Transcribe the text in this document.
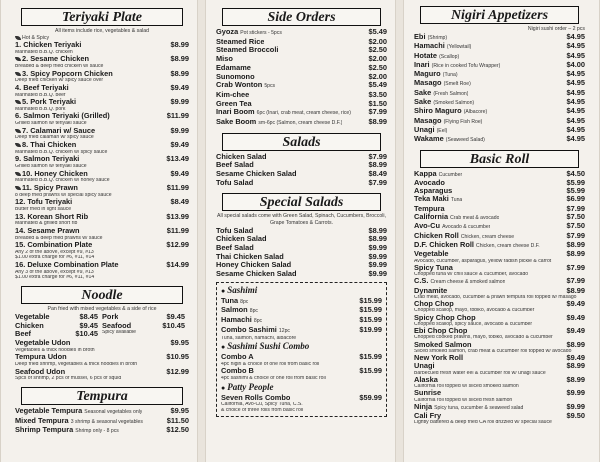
Teriyaki Plate
All items include rice, vegetables & salad
Hot & Spicy
1. Chicken Teriyaki	$8.99
Marinated B.B.Q. chicken
2. Sesame Chicken	$8.99
Breaded & deep fried chicken w/ sauce
3. Spicy Popcorn Chicken	$8.99
Deep fried chicken w/ spicy sauce over
4. Beef Teriyaki	$9.49
Marinated B.B.Q. beef
5. Pork Teriyaki	$9.99
Marinated B.B.Q. pork
6. Salmon Teriyaki (Grilled)	$11.99
Grilled salmon w/ teriyaki sauce
7. Calamari w/ Sauce	$9.99
Deep fried calamari w/ spicy sauce
8. Thai Chicken	$9.49
Marinated B.B.Q. chicken w/ spicy sauce
9. Salmon Teriyaki	$13.49
Grilled salmon w/ teriyaki sauce
10. Honey Chicken	$9.49
Marinated B.B.Q. chicken w/ honey sauce
11. Spicy Prawn	$11.99
8 deep fried prawns w/ special spicy sauce
12. Tofu Teriyaki	$8.49
Butter fried in light sauce
13. Korean Short Rib	$13.99
Marinated & grilled short rib
14. Sesame Prawn	$11.99
Breaded & deep fried prawns w/ sauce
15. Combination Plate	$12.99
Any 2 of the above, except #9, #13
$1.00 extra charge for #6, #11, #14
16. Deluxe Combination Plate	$14.99
Any 3 of the above, except #9, #13
$1.00 extra charge for #6, #11, #14
Noodle
Pan fried with mixed vegetables & a side of rice
Vegetable	$8.45 Pork	$9.45
Chicken	$9.45 Seafood	$10.45
Beef	$10.45 Spicy available
Vegetable Udon	$9.95
Vegetables & thick noodles in broth
Tempura Udon	$10.95
Deep fried shrimp, vegetables & thick noodles in broth
Seafood Udon	$12.99
Spcs of shrimp, 2 pcs of mussel, 6 pcs of squid
Tempura
Vegetable Tempura Seasonal vegetables only	$9.95
Mixed Tempura 3 shrimp & seasonal vegetables	$11.50
Shrimp Tempura Shrimp only - 8 pcs	$12.50
Side Orders
Gyoza Pot stickers - 5pcs	$5.49
Steamed Rice	$2.00
Steamed Broccoli	$2.50
Miso	$2.00
Edamame	$2.50
Sunomono	$2.00
Crab Wonton 5pcs	$5.49
Kim-chee	$3.50
Green Tea	$1.50
Inari Boom 6pc (Inari, crab meat, cream cheese, rice) $7.99
Sake Boom sm-6pc (Salmon, cream cheese D.F.)	$8.99
Salads
Chicken Salad	$7.99
Beef Salad	$8.99
Sesame Chicken Salad	$8.49
Tofu Salad	$7.99
Special Salads
All special salads come with Green Salad, Spinach, Cucumbers, Broccoli, Grape Tomatoes & Carrots.
Tofu Salad	$8.99
Chicken Salad	$8.99
Beef Salad	$9.99
Thai Chicken Salad	$9.99
Honey Chicken Salad	$9.99
Sesame Chicken Salad	$9.99
● Sashimi
Tuna 8pc	$15.99
Salmon 8pc	$15.99
Hamachi 8pc	$15.99
Combo Sashimi 12pc	$19.99
Tuna, salmon, hamachi, albacore
● Sashimi Sushi Combo
Combo A	$15.99
4pc nigiri & choice of one roll from basic roll
Combo B	$15.99
4pc sashimi & choice of one roll from basic roll
● Patty People
Seven Rolls Combo	$59.99
California, Avo-Cu, Spicy Tuna, C.S.
& choice of three rolls from basic roll
Nigiri Appetizers
Nigiri sushi order – 2 pcs
Ebi (Shrimp)	$4.95
Hamachi (Yellowtail)	$4.95
Hotate (Scallop)	$4.95
Inari (Rice in cooked Tofu Wrapper)	$4.00
Maguro (Tuna)	$4.95
Masago (Smelt Roe)	$4.95
Sake (Fresh Salmon)	$4.95
Sake (Smoked Salmon)	$4.95
Shiro Maguro (Albacore)	$4.95
Masago (Flying Fish Roe)	$4.95
Unagi (Eel)	$4.95
Wakame (Seaweed Salad)	$4.95
Basic Roll
Kappa Cucumber	$4.50
Avocado	$5.99
Asparagus	$5.99
Teka Maki Tuna	$6.99
Tempura	$7.99
California Crab meat & avocado	$7.50
Avo-Cu Avocado & cucumber	$7.50
Chicken Roll Chicken, cream cheese	$7.99
D.F. Chicken Roll Chicken, cream cheese D.F.	$8.99
Vegetable	$8.99
Avocado, cucumber, asparagus, yellow radish pickle & carrot
Spicy Tuna	$7.99
Chopped tuna w/ chili sauce & cucumber, avocado
C.S. Cream cheese & smoked salmon	$7.99
Dynamite	$8.99
Crab meat, avocado, cucumber & prawn tempura roll topped w/ masago
Chop Chop	$9.49
Chopped scallop, mayo, tobiko, avocado & cucumber
Spicy Chop Chop	$9.49
Chopped scallop, spicy sauce, avocado & cucumber
Ebi Chop Chop	$9.49
Chopped cooked prawns, mayo, tobiko, avocado & cucumber
Smoked Salmon	$8.99
Sliced smoked salmon, crab meat & cucumber roll topped w/ avocado
New York Roll	$9.49
Unagi	$8.99
Barbecued fresh water eel & cucumber roll w/ unagi sauce
Alaska	$8.99
California roll topped w/ sliced smoked salmon
Sunrise	$9.99
California roll topped w/ sliced fresh salmon
Ninja Spicy tuna, cucumber & seaweed salad	$9.99
Cali Fry	$9.50
Lightly battered & deep fried CA roll drizzled w/ special sauce
